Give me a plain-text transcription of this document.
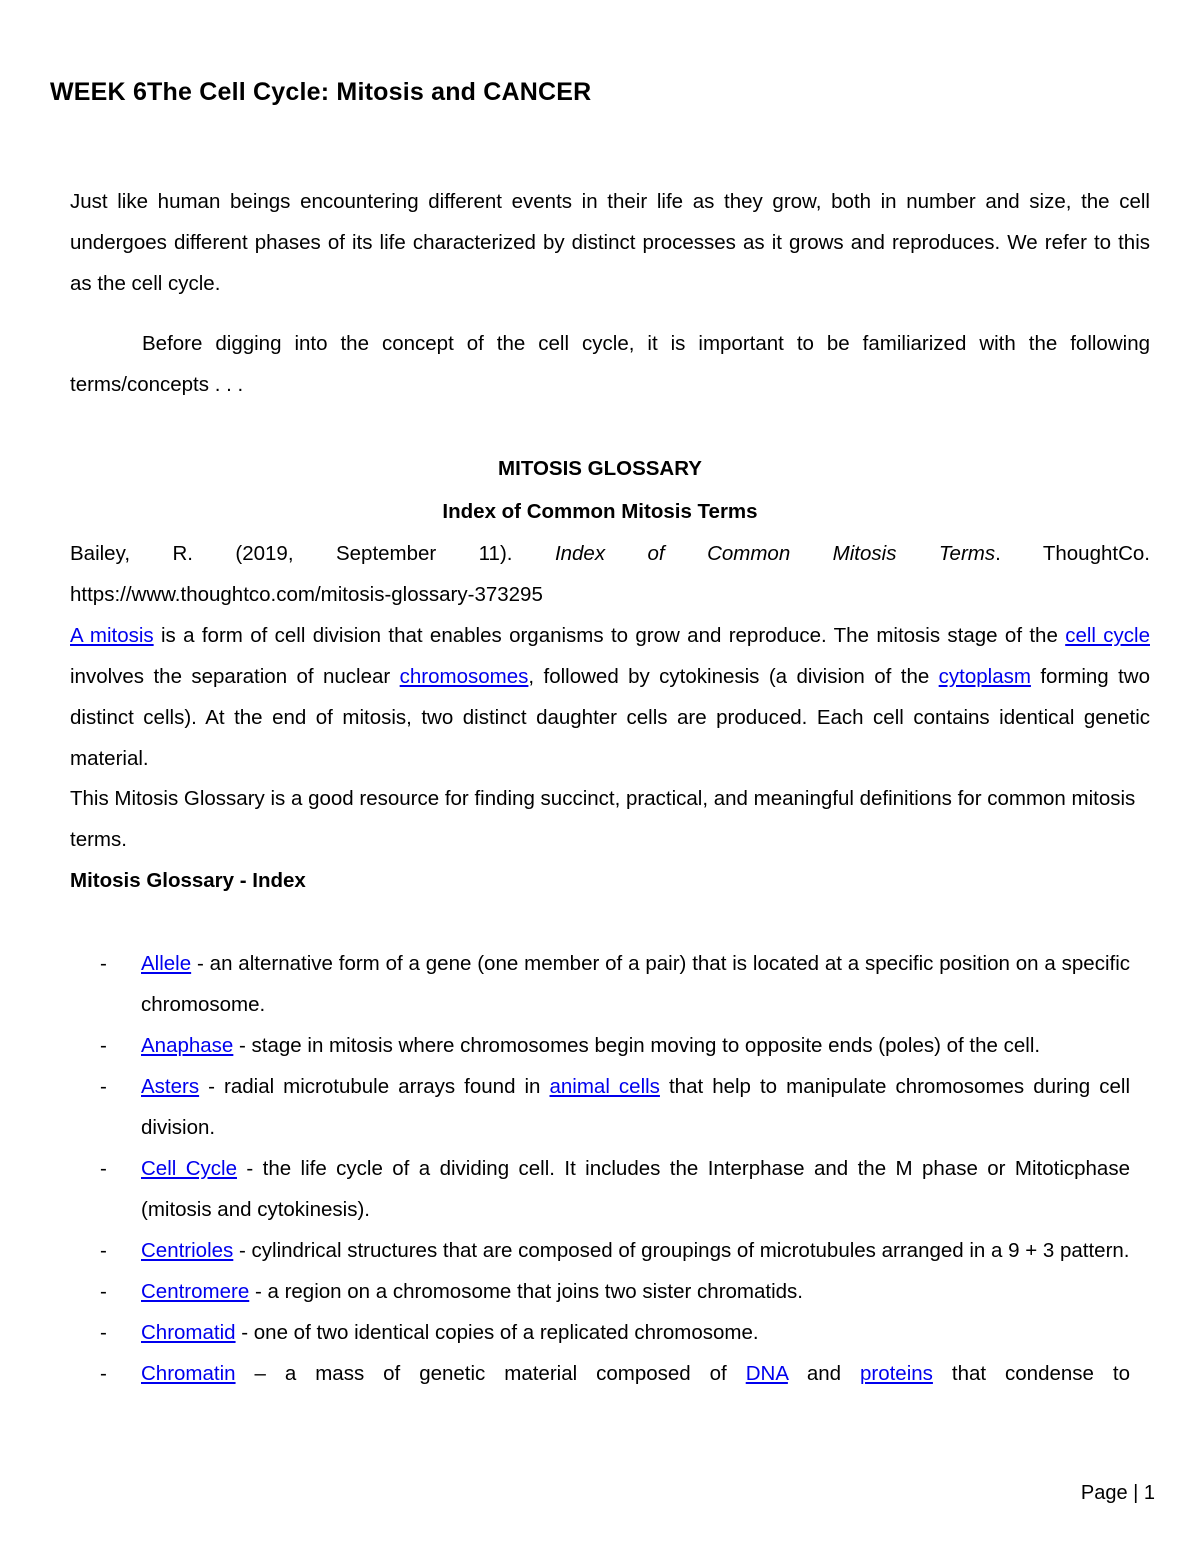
WEEK 6The Cell Cycle: Mitosis and CANCER

Just like human beings encountering different events in their life as they grow, both in number and size, the cell undergoes different phases of its life characterized by distinct processes as it grows and reproduces. We refer to this as the cell cycle.

Before digging into the concept of the cell cycle, it is important to be familiarized with the following terms/concepts . . .

MITOSIS GLOSSARY
Index of Common Mitosis Terms

Bailey, R. (2019, September 11). Index of Common Mitosis Terms. ThoughtCo.
https://www.thoughtco.com/mitosis-glossary-373295

A mitosis is a form of cell division that enables organisms to grow and reproduce. The mitosis stage of the cell cycle involves the separation of nuclear chromosomes, followed by cytokinesis (a division of the cytoplasm forming two distinct cells). At the end of mitosis, two distinct daughter cells are produced. Each cell contains identical genetic material.

This Mitosis Glossary is a good resource for finding succinct, practical, and meaningful definitions for common mitosis terms.

Mitosis Glossary - Index

- Allele - an alternative form of a gene (one member of a pair) that is located at a specific position on a specific chromosome.
- Anaphase - stage in mitosis where chromosomes begin moving to opposite ends (poles) of the cell.
- Asters - radial microtubule arrays found in animal cells that help to manipulate chromosomes during cell division.
- Cell Cycle - the life cycle of a dividing cell. It includes the Interphase and the M phase or Mitoticphase (mitosis and cytokinesis).
- Centrioles - cylindrical structures that are composed of groupings of microtubules arranged in a 9 + 3 pattern.
- Centromere - a region on a chromosome that joins two sister chromatids.
- Chromatid - one of two identical copies of a replicated chromosome.
- Chromatin – a mass of genetic material composed of DNA and proteins that condense to
Page | 1
